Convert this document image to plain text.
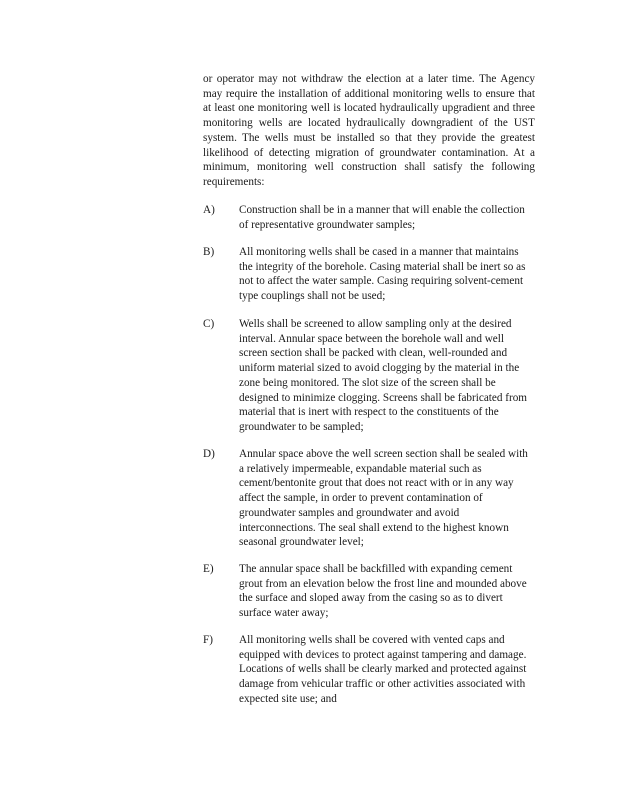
or operator may not withdraw the election at a later time. The Agency may require the installation of additional monitoring wells to ensure that at least one monitoring well is located hydraulically upgradient and three monitoring wells are located hydraulically downgradient of the UST system. The wells must be installed so that they provide the greatest likelihood of detecting migration of groundwater contamination. At a minimum, monitoring well construction shall satisfy the following requirements:

A)	Construction shall be in a manner that will enable the collection of representative groundwater samples;

B)	All monitoring wells shall be cased in a manner that maintains the integrity of the borehole. Casing material shall be inert so as not to affect the water sample. Casing requiring solvent-cement type couplings shall not be used;

C)	Wells shall be screened to allow sampling only at the desired interval. Annular space between the borehole wall and well screen section shall be packed with clean, well-rounded and uniform material sized to avoid clogging by the material in the zone being monitored. The slot size of the screen shall be designed to minimize clogging. Screens shall be fabricated from material that is inert with respect to the constituents of the groundwater to be sampled;

D)	Annular space above the well screen section shall be sealed with a relatively impermeable, expandable material such as cement/bentonite grout that does not react with or in any way affect the sample, in order to prevent contamination of groundwater samples and groundwater and avoid interconnections. The seal shall extend to the highest known seasonal groundwater level;

E)	The annular space shall be backfilled with expanding cement grout from an elevation below the frost line and mounded above the surface and sloped away from the casing so as to divert surface water away;

F)	All monitoring wells shall be covered with vented caps and equipped with devices to protect against tampering and damage. Locations of wells shall be clearly marked and protected against damage from vehicular traffic or other activities associated with expected site use; and
